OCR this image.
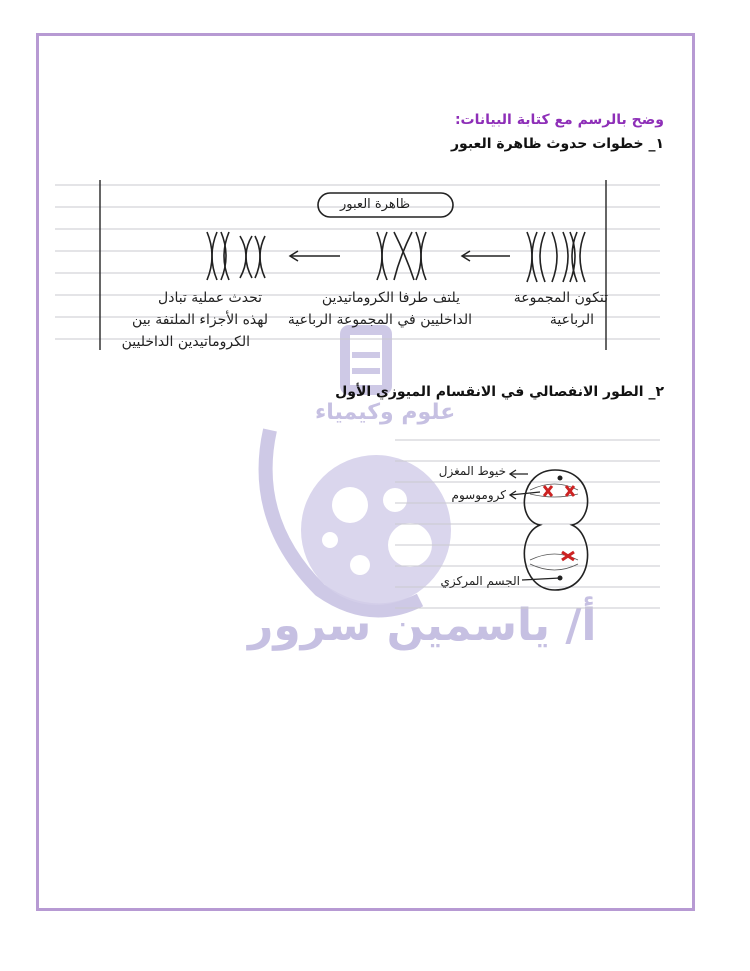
علوم وكيمياء
أ/ ياسمين سرور
وضح بالرسم مع كتابة البيانات:
١_ خطوات حدوث ظاهرة العبور
٢_ الطور الانفصالي في الانقسام الميوزي الأول
ظاهرة العبور
تتكون المجموعة
الرباعية
يلتف طرفا الكروماتيدين
الداخليين في المجموعة الرباعية
تحدث عملية تبادل
لهذه الأجزاء الملتفة بين
الكروماتيدين الداخليين
خيوط المغزل
كروموسوم
الجسم المركزي
